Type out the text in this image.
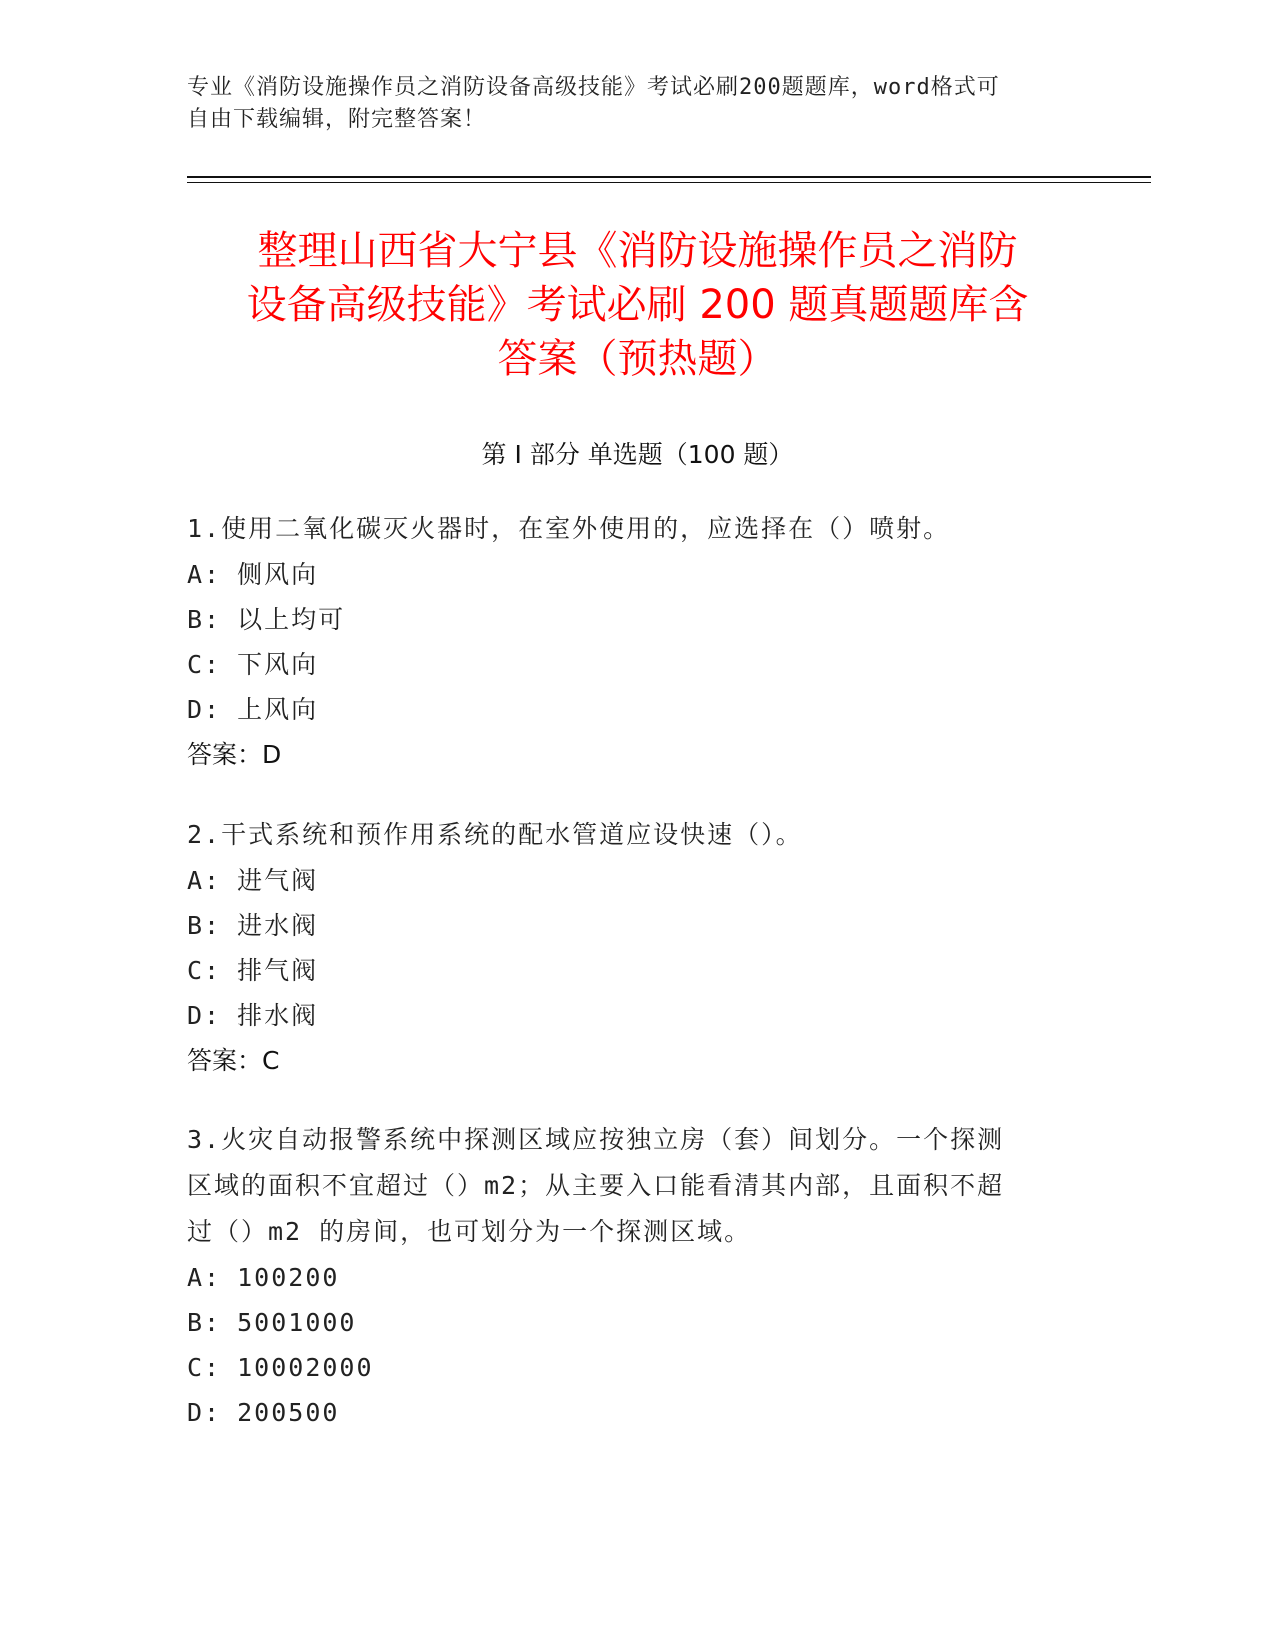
专业《消防设施操作员之消防设备高级技能》考试必刷200题题库，word格式可
自由下载编辑，附完整答案！
整理山西省大宁县《消防设施操作员之消防
设备高级技能》考试必刷 200 题真题题库含
答案（预热题）
第 I 部分 单选题（100 题）
1.使用二氧化碳灭火器时，在室外使用的，应选择在（）喷射。
A: 侧风向
B: 以上均可
C: 下风向
D: 上风向
答案：D
2.干式系统和预作用系统的配水管道应设快速（）。
A: 进气阀
B: 进水阀
C: 排气阀
D: 排水阀
答案：C
3.火灾自动报警系统中探测区域应按独立房（套）间划分。一个探测
区域的面积不宜超过（）m2；从主要入口能看清其内部，且面积不超
过（）m2 的房间，也可划分为一个探测区域。
A: 100200
B: 5001000
C: 10002000
D: 200500
